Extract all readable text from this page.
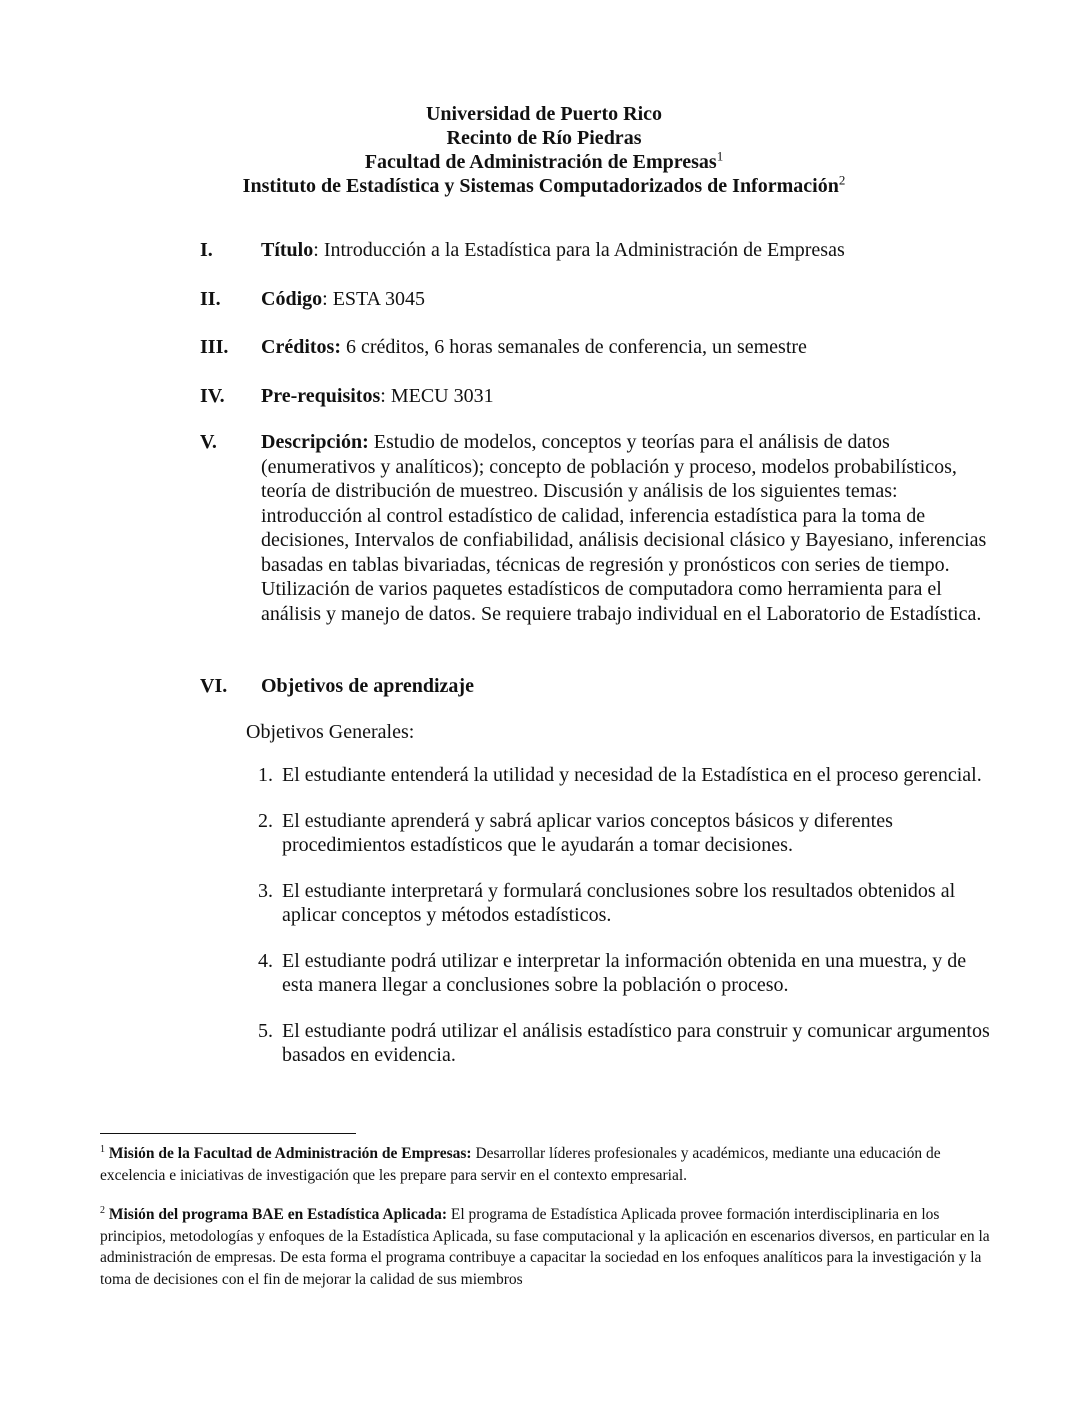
Universidad de Puerto Rico
Recinto de Río Piedras
Facultad de Administración de Empresas$^1$
Instituto de Estadística y Sistemas Computadorizados de Información$^2$
I. Título: Introducción a la Estadística para la Administración de Empresas
II. Código: ESTA 3045
III. Créditos: 6 créditos, 6 horas semanales de conferencia, un semestre
IV. Pre-requisitos: MECU 3031
V. Descripción: Estudio de modelos, conceptos y teorías para el análisis de datos (enumerativos y analíticos); concepto de población y proceso, modelos probabilísticos, teoría de distribución de muestreo. Discusión y análisis de los siguientes temas: introducción al control estadístico de calidad, inferencia estadística para la toma de decisiones, Intervalos de confiabilidad, análisis decisional clásico y Bayesiano, inferencias basadas en tablas bivariadas, técnicas de regresión y pronósticos con series de tiempo. Utilización de varios paquetes estadísticos de computadora como herramienta para el análisis y manejo de datos. Se requiere trabajo individual en el Laboratorio de Estadística.
VI. Objetivos de aprendizaje
Objetivos Generales:
1. El estudiante entenderá la utilidad y necesidad de la Estadística en el proceso gerencial.
2. El estudiante aprenderá y sabrá aplicar varios conceptos básicos y diferentes procedimientos estadísticos que le ayudarán a tomar decisiones.
3. El estudiante interpretará y formulará conclusiones sobre los resultados obtenidos al aplicar conceptos y métodos estadísticos.
4. El estudiante podrá utilizar e interpretar la información obtenida en una muestra, y de esta manera llegar a conclusiones sobre la población o proceso.
5. El estudiante podrá utilizar el análisis estadístico para construir y comunicar argumentos basados en evidencia.
$^1$ Misión de la Facultad de Administración de Empresas: Desarrollar líderes profesionales y académicos, mediante una educación de excelencia e iniciativas de investigación que les prepare para servir en el contexto empresarial.
$^2$ Misión del programa BAE en Estadística Aplicada: El programa de Estadística Aplicada provee formación interdisciplinaria en los principios, metodologías y enfoques de la Estadística Aplicada, su fase computacional y la aplicación en escenarios diversos, en particular en la administración de empresas. De esta forma el programa contribuye a capacitar la sociedad en los enfoques analíticos para la investigación y la toma de decisiones con el fin de mejorar la calidad de sus miembros
